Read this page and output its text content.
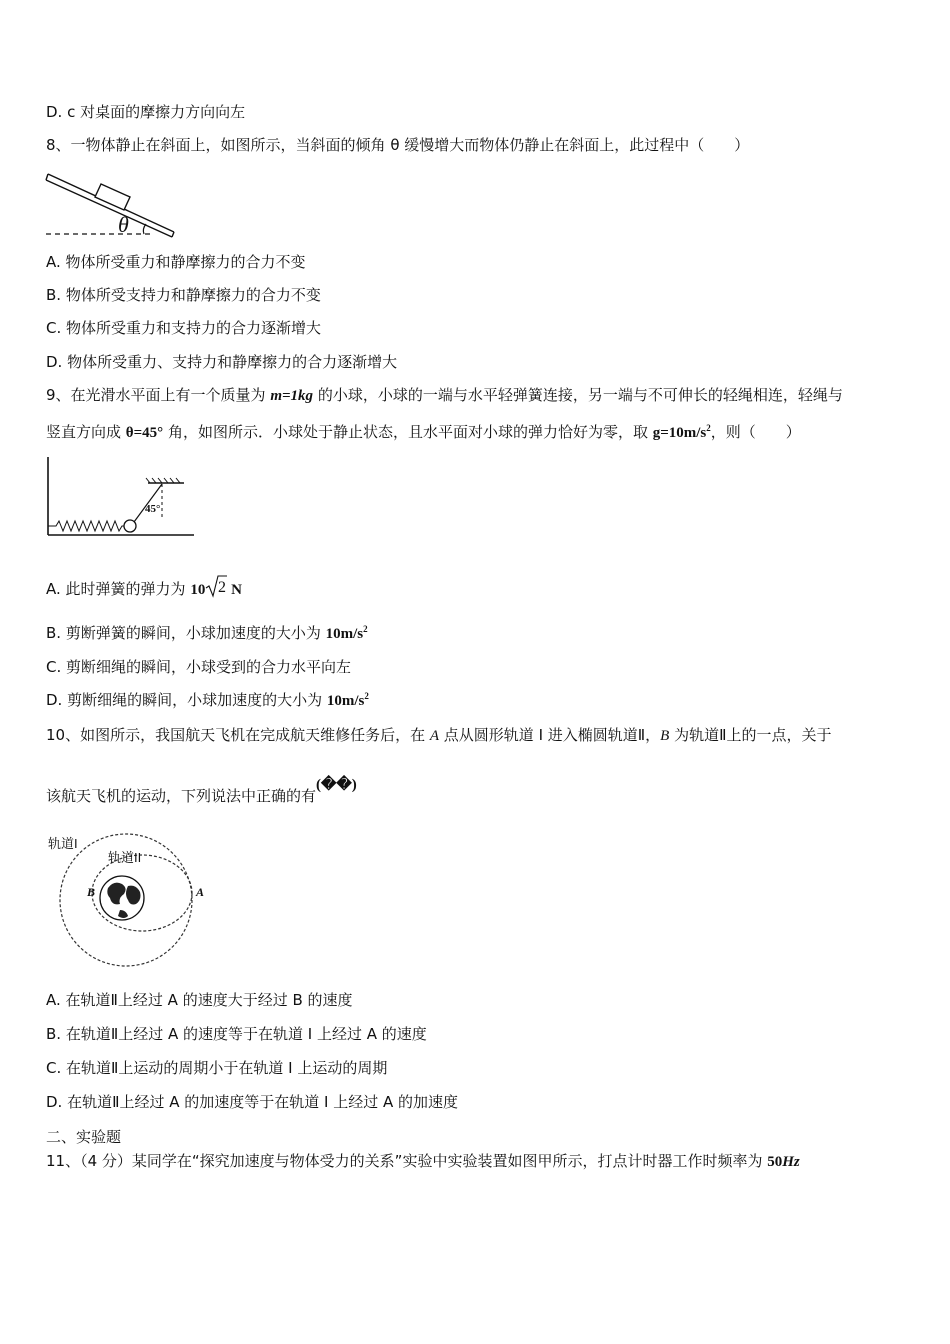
D. c 对桌面的摩擦力方向向左
8、一物体静止在斜面上，如图所示，当斜面的倾角 θ 缓慢增大而物体仍静止在斜面上，此过程中（　　）
θ
A. 物体所受重力和静摩擦力的合力不变
B. 物体所受支持力和静摩擦力的合力不变
C. 物体所受重力和支持力的合力逐渐增大
D. 物体所受重力、支持力和静摩擦力的合力逐渐增大
9、在光滑水平面上有一个质量为 m=1kg 的小球，小球的一端与水平轻弹簧连接，另一端与不可伸长的轻绳相连，轻绳与
竖直方向成 θ=45° 角，如图所示．小球处于静止状态，且水平面对小球的弹力恰好为零，取 $g=10m/s^2$，则（　　）
45°
A. 此时弹簧的弹力为 10 2 N
B. 剪断弹簧的瞬间，小球加速度的大小为 $10m/s^2$
C. 剪断细绳的瞬间，小球受到的合力水平向左
D. 剪断细绳的瞬间，小球加速度的大小为 $10m/s^2$
10、如图所示，我国航天飞机在完成航天维修任务后，在 A 点从圆形轨道 Ⅰ 进入椭圆轨道Ⅱ，B 为轨道Ⅱ上的一点，关于
该航天飞机的运动，下列说法中正确的有(��)
轨道I
轨道II
B	A
A. 在轨道Ⅱ上经过 A 的速度大于经过 B 的速度
B. 在轨道Ⅱ上经过 A 的速度等于在轨道 Ⅰ 上经过 A 的速度
C. 在轨道Ⅱ上运动的周期小于在轨道 Ⅰ 上运动的周期
D. 在轨道Ⅱ上经过 A 的加速度等于在轨道 Ⅰ 上经过 A 的加速度
二、实验题
11、（4 分）某同学在“探究加速度与物体受力的关系”实验中实验装置如图甲所示，打点计时器工作时频率为 50Hz
